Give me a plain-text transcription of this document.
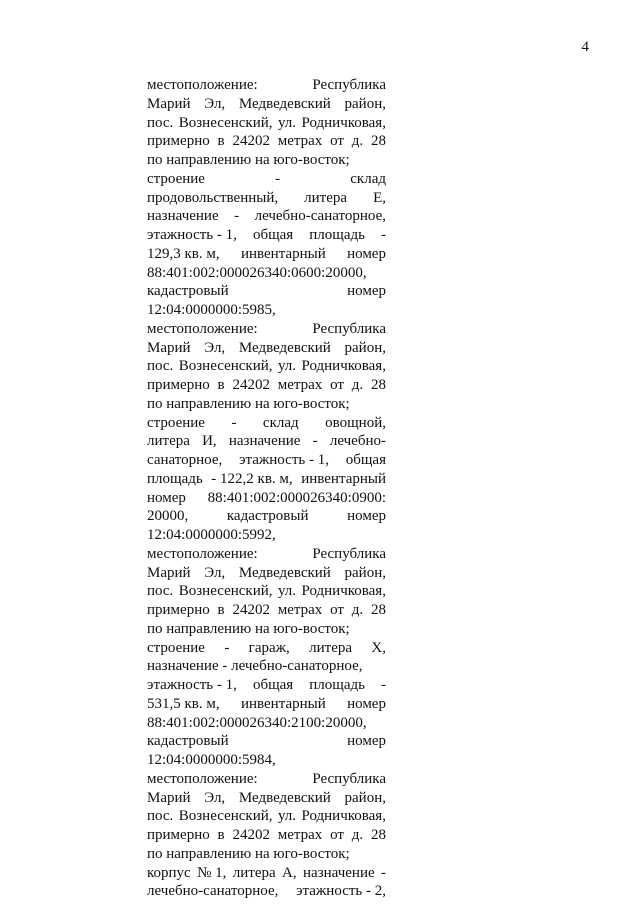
4
местоположение:	Республика
Марий Эл, Медведевский район,
пос. Вознесенский, ул. Родничковая,
примерно в 24202 метрах от д. 28
по направлению на юго-восток;
строение	-	склад
продовольственный, литера Е,
назначение - лечебно-санаторное,
этажность - 1, общая площадь -
129,3 кв. м, инвентарный номер
88:401:002:000026340:0600:20000,
кадастровый	номер
12:04:0000000:5985,
местоположение:	Республика
Марий Эл, Медведевский район,
пос. Вознесенский, ул. Родничковая,
примерно в 24202 метрах от д. 28
по направлению на юго-восток;
строение - склад овощной,
литера И, назначение - лечебно-
санаторное, этажность - 1, общая
площадь - 122,2 кв. м, инвентарный
номер 88:401:002:000026340:0900:
20000,	кадастровый	номер
12:04:0000000:5992,
местоположение:	Республика
Марий Эл, Медведевский район,
пос. Вознесенский, ул. Родничковая,
примерно в 24202 метрах от д. 28
по направлению на юго-восток;
строение - гараж, литера Х,
назначение - лечебно-санаторное,
этажность - 1, общая площадь -
531,5 кв. м, инвентарный номер
88:401:002:000026340:2100:20000,
кадастровый	номер
12:04:0000000:5984,
местоположение:	Республика
Марий Эл, Медведевский район,
пос. Вознесенский, ул. Родничковая,
примерно в 24202 метрах от д. 28
по направлению на юго-восток;
корпус № 1, литера А, назначение -
лечебно-санаторное, этажность - 2,
